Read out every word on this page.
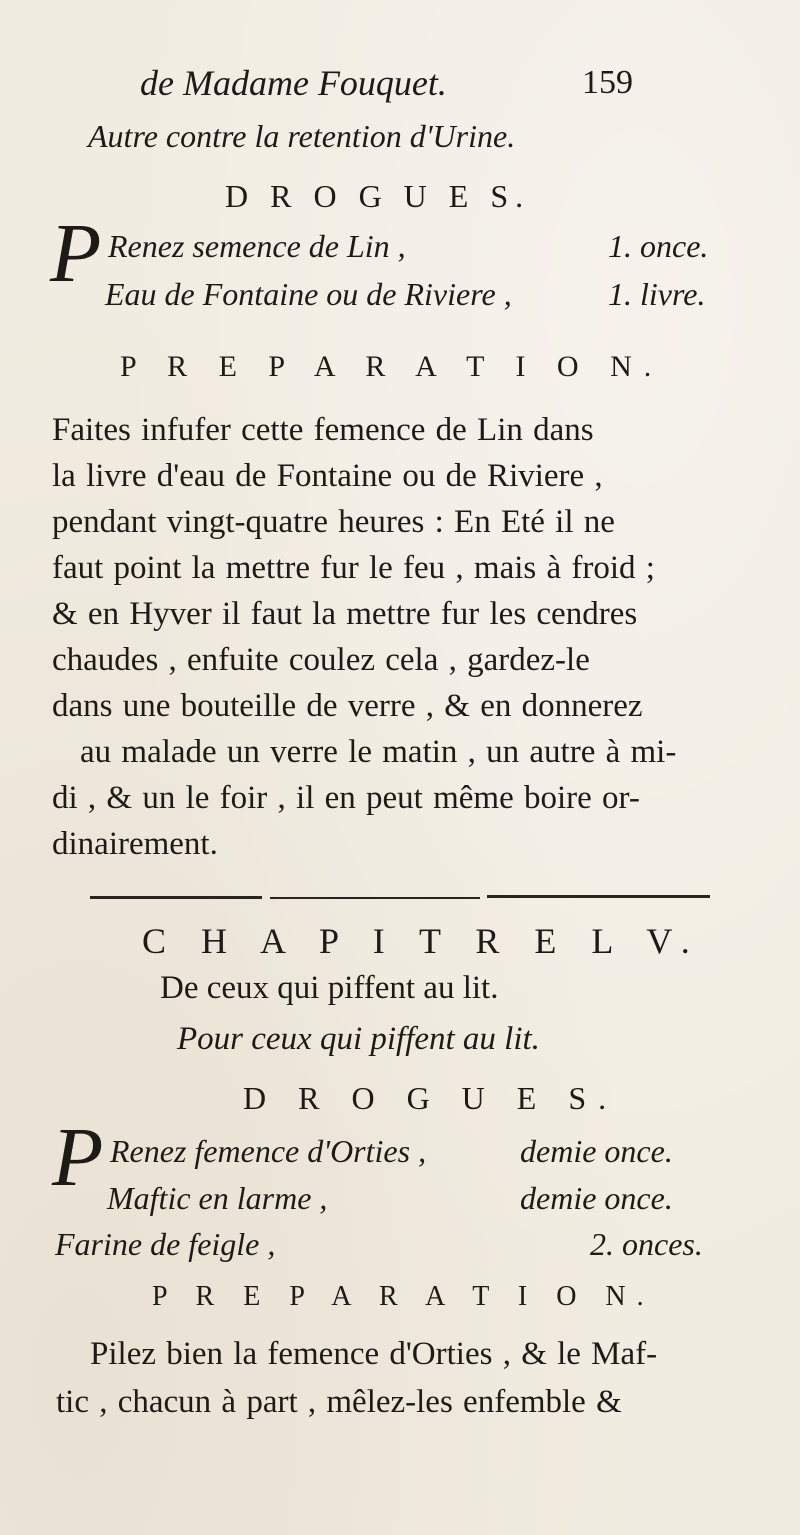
de Madame Fouquet.	159
Autre contre la retention d'Urine.
D R O G U E S.
P Renez semence de Lin ,	1. once.
Eau de Fontaine ou de Riviere ,	1. livre.
P R E P A R A T I O N.
Faites infufer cette femence de Lin dans
la livre d'eau de Fontaine ou de Riviere ,
pendant vingt-quatre heures : En Eté il ne
faut point la mettre fur le feu , mais à froid ;
& en Hyver il faut la mettre fur les cendres
chaudes , enfuite coulez cela , gardez-le
dans une bouteille de verre , & en donnerez
au malade un verre le matin , un autre à mi-
di , & un le foir , il en peut même boire or-
dinairement.
C H A P I T R E L V.
De ceux qui piffent au lit.
Pour ceux qui piffent au lit.
D R O G U E S.
P Renez femence d'Orties ,	demie once.
Maftic en larme ,	demie once.
Farine de feigle ,	2. onces.
P R E P A R A T I O N.
Pilez bien la femence d'Orties , & le Maf-
tic , chacun à part , mêlez-les enfemble &
